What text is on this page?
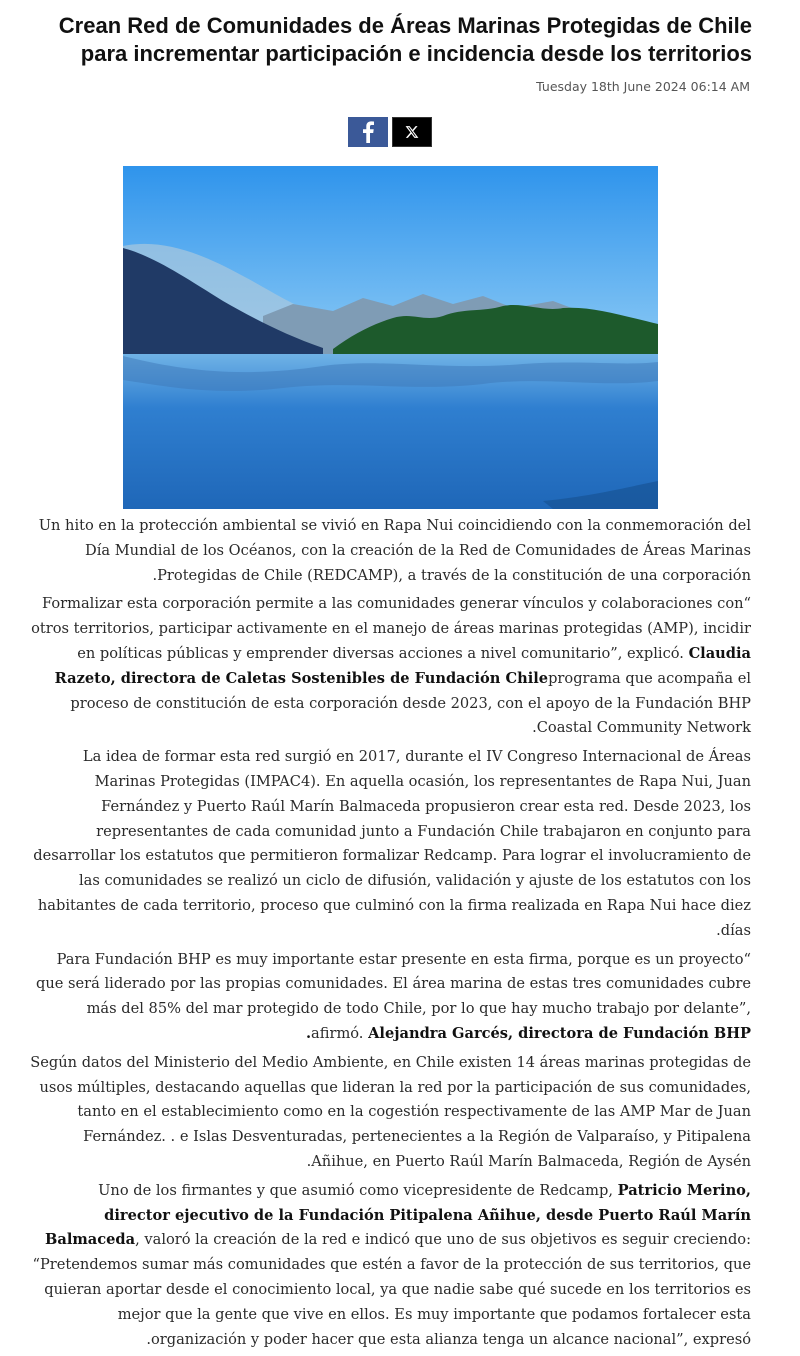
Crean Red de Comunidades de Áreas Marinas Protegidas de Chile para incrementar participación e incidencia desde los territorios
Tuesday 18th June 2024 06:14 AM

Un hito en la protección ambiental se vivió en Rapa Nui coincidiendo con la conmemoración del Día Mundial de los Océanos, con la creación de la Red de Comunidades de Áreas Marinas Protegidas de Chile (REDCAMP), a través de la constitución de una corporación.

“Formalizar esta corporación permite a las comunidades generar vínculos y colaboraciones con otros territorios, participar activamente en el manejo de áreas marinas protegidas (AMP), incidir en políticas públicas y emprender diversas acciones a nivel comunitario”, explicó. Claudia Razeto, directora de Caletas Sostenibles de Fundación Chileprograma que acompaña el proceso de constitución de esta corporación desde 2023, con el apoyo de la Fundación BHP Coastal Community Network.

La idea de formar esta red surgió en 2017, durante el IV Congreso Internacional de Áreas Marinas Protegidas (IMPAC4). En aquella ocasión, los representantes de Rapa Nui, Juan Fernández y Puerto Raúl Marín Balmaceda propusieron crear esta red. Desde 2023, los representantes de cada comunidad junto a Fundación Chile trabajaron en conjunto para desarrollar los estatutos que permitieron formalizar Redcamp. Para lograr el involucramiento de las comunidades se realizó un ciclo de difusión, validación y ajuste de los estatutos con los habitantes de cada territorio, proceso que culminó con la firma realizada en Rapa Nui hace diez días.

“Para Fundación BHP es muy importante estar presente en esta firma, porque es un proyecto que será liderado por las propias comunidades. El área marina de estas tres comunidades cubre más del 85% del mar protegido de todo Chile, por lo que hay mucho trabajo por delante”, afirmó. Alejandra Garcés, directora de Fundación BHP.

Según datos del Ministerio del Medio Ambiente, en Chile existen 14 áreas marinas protegidas de usos múltiples, destacando aquellas que lideran la red por la participación de sus comunidades, tanto en el establecimiento como en la cogestión respectivamente de las AMP Mar de Juan Fernández. . e Islas Desventuradas, pertenecientes a la Región de Valparaíso, y Pitipalena Añihue, en Puerto Raúl Marín Balmaceda, Región de Aysén.

Uno de los firmantes y que asumió como vicepresidente de Redcamp, Patricio Merino, director ejecutivo de la Fundación Pitipalena Añihue, desde Puerto Raúl Marín Balmaceda, valoró la creación de la red e indicó que uno de sus objetivos es seguir creciendo: “Pretendemos sumar más comunidades que estén a favor de la protección de sus territorios, que quieran aportar desde el conocimiento local, ya que nadie sabe qué sucede en los territorios es mejor que la gente que vive en ellos. Es muy importante que podamos fortalecer esta organización y poder hacer que esta alianza tenga un alcance nacional”, expresó.
